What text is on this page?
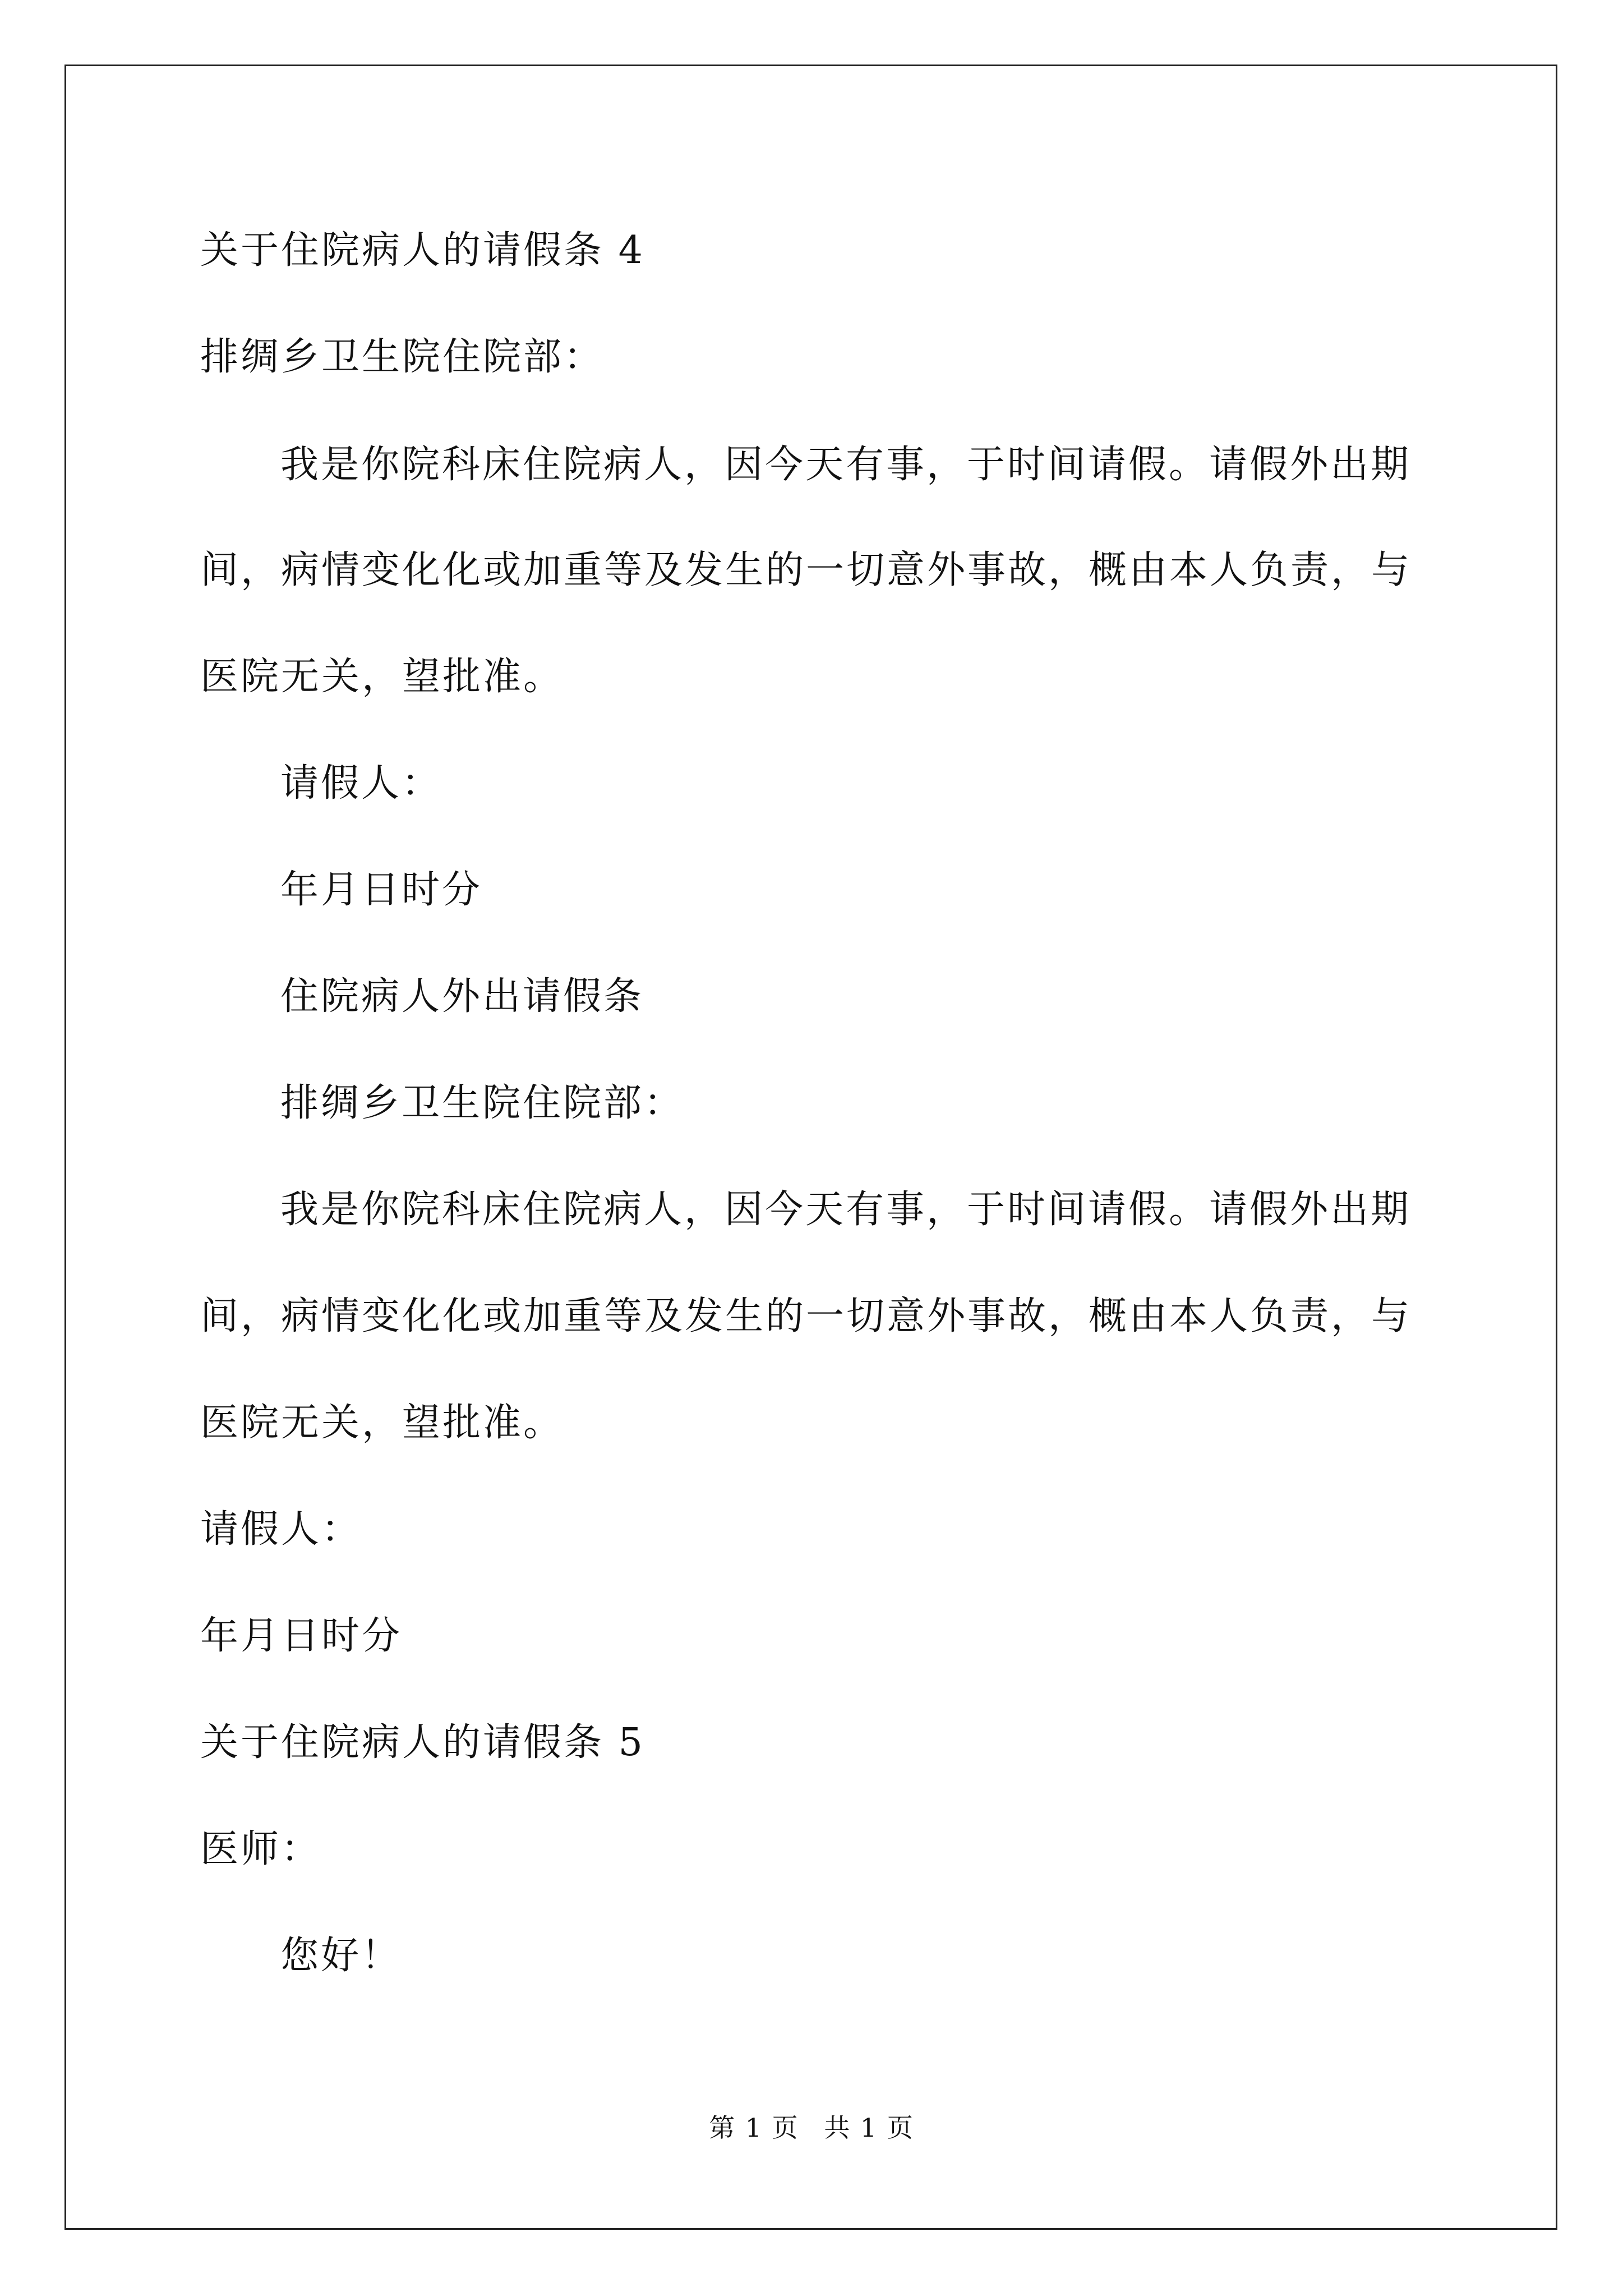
关于住院病人的请假条 4
排绸乡卫生院住院部：
我是你院科床住院病人，因今天有事，于时间请假。请假外出期
间，病情变化化或加重等及发生的一切意外事故，概由本人负责，与
医院无关，望批准。
请假人：
年月日时分
住院病人外出请假条
排绸乡卫生院住院部：
我是你院科床住院病人，因今天有事，于时间请假。请假外出期
间，病情变化化或加重等及发生的一切意外事故，概由本人负责，与
医院无关，望批准。
请假人：
年月日时分
关于住院病人的请假条 5
医师：
您好！
第 1 页 共 1 页
